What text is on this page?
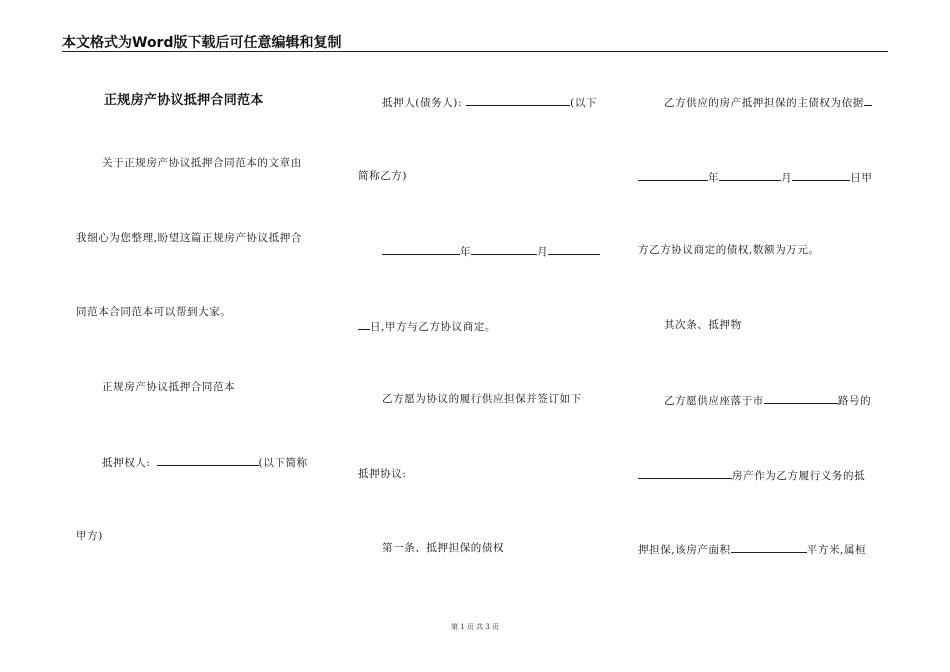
本文格式为Word版下载后可任意编辑和复制
正规房产协议抵押合同范本
关于正规房产协议抵押合同范本的文章由
我细心为您整理,盼望这篇正规房产协议抵押合
同范本合同范本可以帮到大家。
正规房产协议抵押合同范本
抵押权人:	(以下简称
甲方)
抵押人(债务人):	(以下
简称乙方)
年	月
日,甲方与乙方协议商定。
乙方愿为协议的履行供应担保并签订如下
抵押协议:
第一条、抵押担保的债权
乙方供应的房产抵押担保的主债权为依据
年	月	日甲
方乙方协议商定的债权,数额为万元。
其次条、抵押物
乙方愿供应座落于市	路号的
房产作为乙方履行义务的抵
押担保,该房产面积	平方米,属桓
第 1 页 共 3 页
